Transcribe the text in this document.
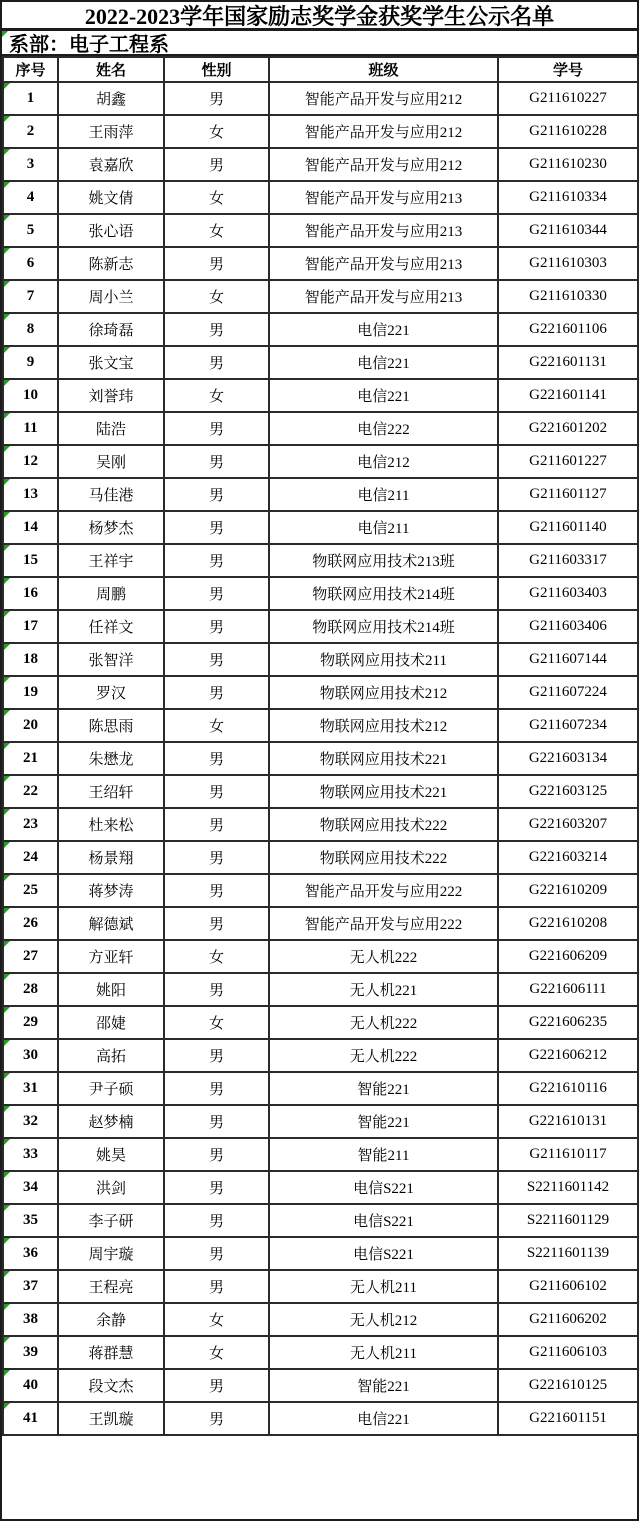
2022-2023学年国家励志奖学金获奖学生公示名单
系部：电子工程系
序号	姓名	性别	班级	学号

1	胡鑫	男	智能产品开发与应用212	G211610227

2	王雨萍	女	智能产品开发与应用212	G211610228

3	袁嘉欣	男	智能产品开发与应用212	G211610230

4	姚文倩	女	智能产品开发与应用213	G211610334

5	张心语	女	智能产品开发与应用213	G211610344

6	陈新志	男	智能产品开发与应用213	G211610303

7	周小兰	女	智能产品开发与应用213	G211610330

8	徐琦磊	男	电信221	G221601106

9	张文宝	男	电信221	G221601131

10	刘誉玮	女	电信221	G221601141

11	陆浩	男	电信222	G221601202

12	吴刚	男	电信212	G211601227

13	马佳港	男	电信211	G211601127

14	杨梦杰	男	电信211	G211601140

15	王祥宇	男	物联网应用技术213班	G211603317

16	周鹏	男	物联网应用技术214班	G211603403

17	任祥文	男	物联网应用技术214班	G211603406

18	张智洋	男	物联网应用技术211	G211607144

19	罗汉	男	物联网应用技术212	G211607224

20	陈思雨	女	物联网应用技术212	G211607234

21	朱懋龙	男	物联网应用技术221	G221603134

22	王绍轩	男	物联网应用技术221	G221603125

23	杜来松	男	物联网应用技术222	G221603207

24	杨景翔	男	物联网应用技术222	G221603214

25	蒋梦涛	男	智能产品开发与应用222	G221610209

26	解德斌	男	智能产品开发与应用222	G221610208

27	方亚轩	女	无人机222	G221606209

28	姚阳	男	无人机221	G221606111

29	邵婕	女	无人机222	G221606235

30	高拓	男	无人机222	G221606212

31	尹子硕	男	智能221	G221610116

32	赵梦楠	男	智能221	G221610131

33	姚昊	男	智能211	G211610117

34	洪剑	男	电信S221	S2211601142

35	李子研	男	电信S221	S2211601129

36	周宇璇	男	电信S221	S2211601139

37	王程亮	男	无人机211	G211606102

38	余静	女	无人机212	G211606202

39	蒋群慧	女	无人机211	G211606103

40	段文杰	男	智能221	G221610125

41	王凯璇	男	电信221	G221601151
